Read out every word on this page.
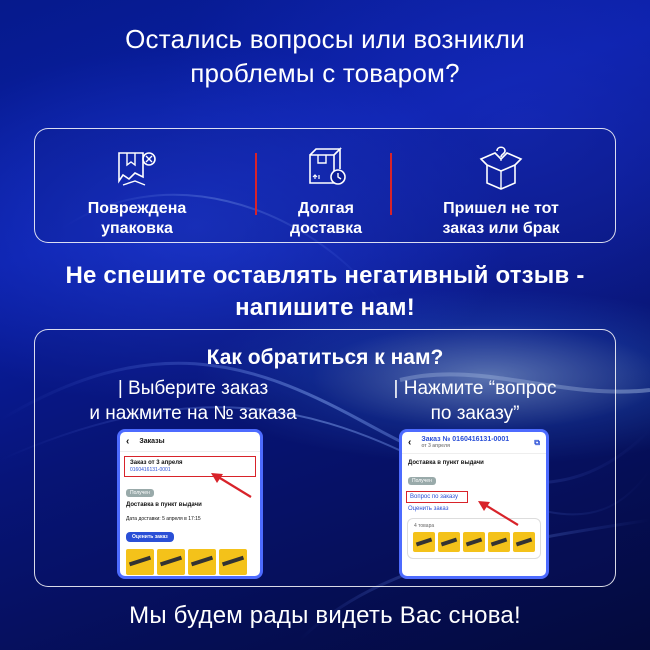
Остались вопросы или возникли
проблемы с товаром?
Повреждена
упаковка
Долгая
доставка
Пришел не тот
заказ или брак
Не спешите оставлять негативный отзыв -
напишите нам!
Как обратиться к нам?
| Выберите заказ
и нажмите на № заказа
| Нажмите “вопрос
по заказу”
‹ Заказы
Заказ от 3 апреля
0160416131-0001
Получен
Доставка в пункт выдачи
Дата доставки: 5 апреля в 17:15
Оценить заказ
‹ Заказ № 0160416131-0001
от 3 апреля	⧉
Доставка в пункт выдачи
Получен
Вопрос по заказу
Оценить заказ
4 товара
Мы будем рады видеть Вас снова!
